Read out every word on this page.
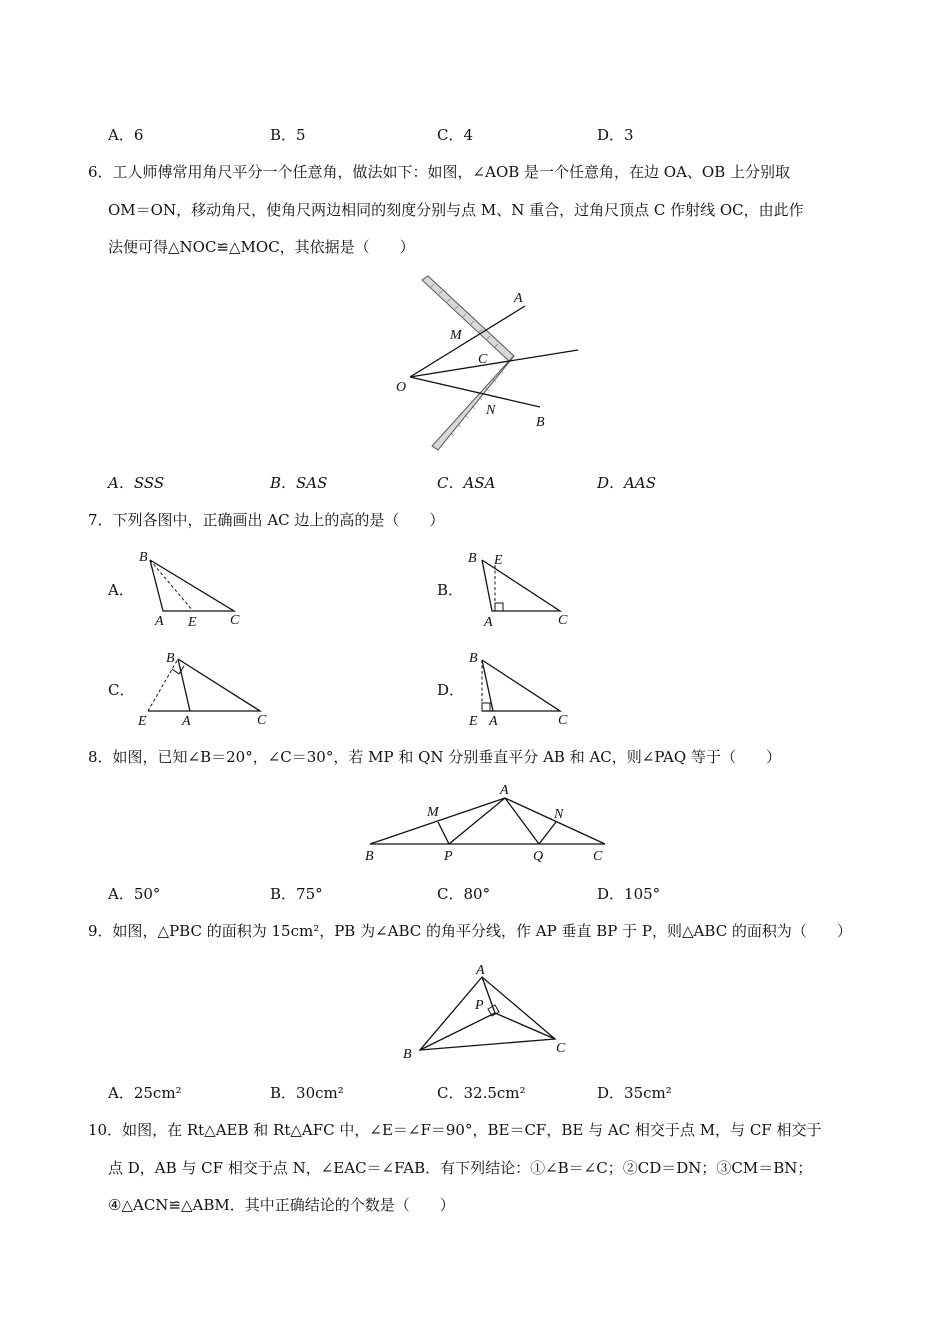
A．6	B．5	C．4	D．3
6．工人师傅常用角尺平分一个任意角，做法如下：如图，∠AOB 是一个任意角，在边 OA、OB 上分别取
OM＝ON，移动角尺，使角尺两边相同的刻度分别与点 M、N 重合，过角尺顶点 C 作射线 OC，由此作
法便可得△NOC≌△MOC，其依据是（　　）
A
M
C
O
N
B
A．SSS	B．SAS	C．ASA	D．AAS
7．下列各图中，正确画出 AC 边上的高的是（　　）
A．
B
A E C
B．
B E
A	C
C．
B
E	A	C
D．
B
E A	C
8．如图，已知∠B＝20°，∠C＝30°，若 MP 和 QN 分别垂直平分 AB 和 AC，则∠PAQ 等于（　　）
A
M	N
B	P	Q	C
A．50°	B．75°	C．80°	D．105°
9．如图，△PBC 的面积为 15cm²，PB 为∠ABC 的角平分线，作 AP 垂直 BP 于 P，则△ABC 的面积为（　　）
A
P
B	C
A．25cm²	B．30cm²	C．32.5cm²	D．35cm²
10．如图，在 Rt△AEB 和 Rt△AFC 中，∠E＝∠F＝90°，BE＝CF，BE 与 AC 相交于点 M，与 CF 相交于
点 D，AB 与 CF 相交于点 N，∠EAC＝∠FAB．有下列结论：①∠B＝∠C；②CD＝DN；③CM＝BN；
④△ACN≌△ABM．其中正确结论的个数是（　　）
